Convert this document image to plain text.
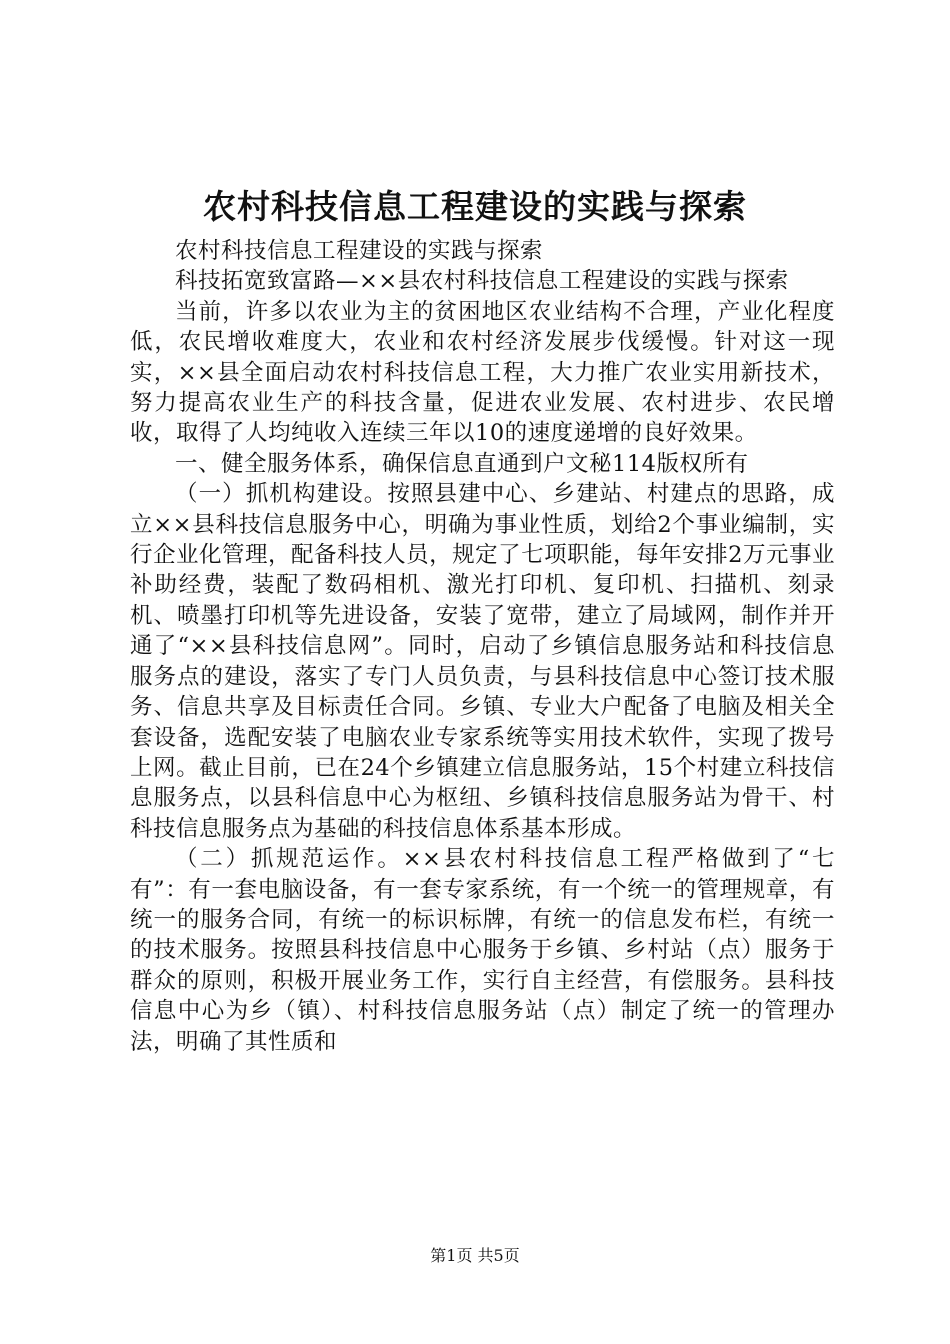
农村科技信息工程建设的实践与探索

农村科技信息工程建设的实践与探索

科技拓宽致富路—××县农村科技信息工程建设的实践与探索

当前，许多以农业为主的贫困地区农业结构不合理，产业化程度低，农民增收难度大，农业和农村经济发展步伐缓慢。针对这一现实，××县全面启动农村科技信息工程，大力推广农业实用新技术，努力提高农业生产的科技含量，促进农业发展、农村进步、农民增收，取得了人均纯收入连续三年以10的速度递增的良好效果。

一、健全服务体系，确保信息直通到户文秘114版权所有

（一）抓机构建设。按照县建中心、乡建站、村建点的思路，成立××县科技信息服务中心，明确为事业性质，划给2个事业编制，实行企业化管理，配备科技人员，规定了七项职能，每年安排2万元事业补助经费，装配了数码相机、激光打印机、复印机、扫描机、刻录机、喷墨打印机等先进设备，安装了宽带，建立了局域网，制作并开通了“××县科技信息网”。同时，启动了乡镇信息服务站和科技信息服务点的建设，落实了专门人员负责，与县科技信息中心签订技术服务、信息共享及目标责任合同。乡镇、专业大户配备了电脑及相关全套设备，选配安装了电脑农业专家系统等实用技术软件，实现了拨号上网。截止目前，已在24个乡镇建立信息服务站，15个村建立科技信息服务点，以县科信息中心为枢纽、乡镇科技信息服务站为骨干、村科技信息服务点为基础的科技信息体系基本形成。

（二）抓规范运作。××县农村科技信息工程严格做到了“七有”：有一套电脑设备，有一套专家系统，有一个统一的管理规章，有统一的服务合同，有统一的标识标牌，有统一的信息发布栏，有统一的技术服务。按照县科技信息中心服务于乡镇、乡村站（点）服务于群众的原则，积极开展业务工作，实行自主经营，有偿服务。县科技信息中心为乡（镇）、村科技信息服务站（点）制定了统一的管理办法，明确了其性质和

第1页 共5页
